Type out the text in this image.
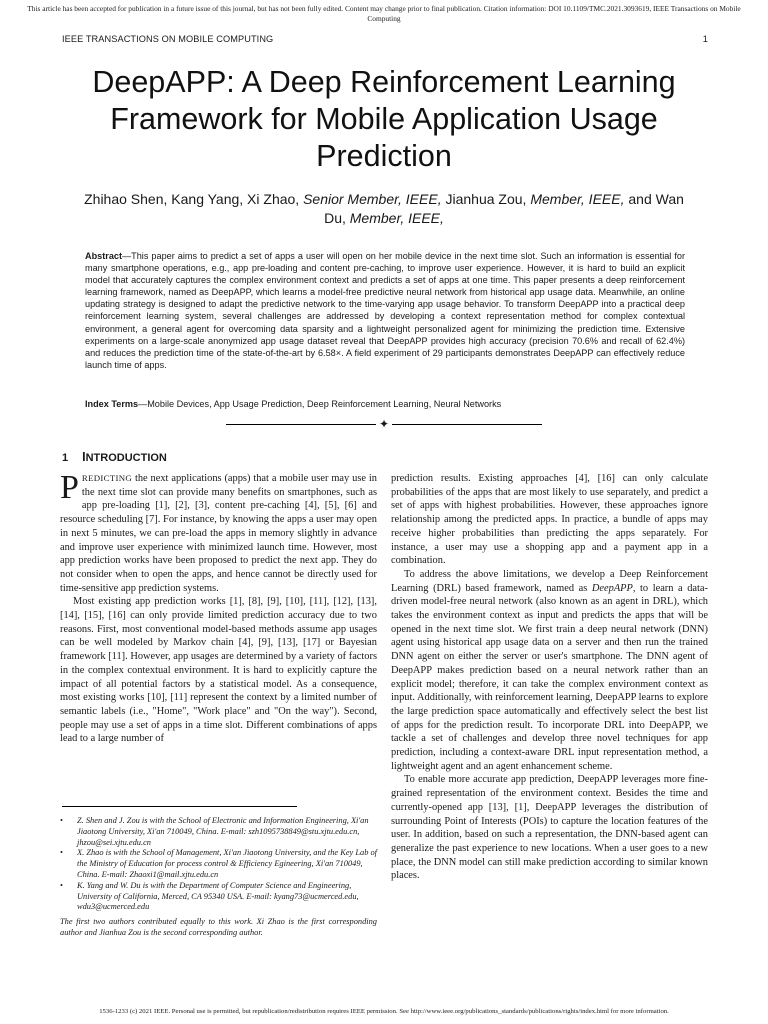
This article has been accepted for publication in a future issue of this journal, but has not been fully edited. Content may change prior to final publication. Citation information: DOI 10.1109/TMC.2021.3093619, IEEE Transactions on Mobile Computing
IEEE TRANSACTIONS ON MOBILE COMPUTING	1
DeepAPP: A Deep Reinforcement Learning Framework for Mobile Application Usage Prediction
Zhihao Shen, Kang Yang, Xi Zhao, Senior Member, IEEE, Jianhua Zou, Member, IEEE, and Wan Du, Member, IEEE,
Abstract—This paper aims to predict a set of apps a user will open on her mobile device in the next time slot. Such an information is essential for many smartphone operations, e.g., app pre-loading and content pre-caching, to improve user experience. However, it is hard to build an explicit model that accurately captures the complex environment context and predicts a set of apps at one time. This paper presents a deep reinforcement learning framework, named as DeepAPP, which learns a model-free predictive neural network from historical app usage data. Meanwhile, an online updating strategy is designed to adapt the predictive network to the time-varying app usage behavior. To transform DeepAPP into a practical deep reinforcement learning system, several challenges are addressed by developing a context representation method for complex contextual environment, a general agent for overcoming data sparsity and a lightweight personalized agent for minimizing the prediction time. Extensive experiments on a large-scale anonymized app usage dataset reveal that DeepAPP provides high accuracy (precision 70.6% and recall of 62.4%) and reduces the prediction time of the state-of-the-art by 6.58×. A field experiment of 29 participants demonstrates DeepAPP can effectively reduce launch time of apps.
Index Terms—Mobile Devices, App Usage Prediction, Deep Reinforcement Learning, Neural Networks
✦
1 INTRODUCTION

PREDICTING the next applications (apps) that a mobile user may use in the next time slot can provide many benefits on smartphones, such as app pre-loading [1], [2], [3], content pre-caching [4], [5], [6] and resource scheduling [7]. For instance, by knowing the apps a user may open in next 5 minutes, we can pre-load the apps in memory slightly in advance and improve user experience with minimized launch time. However, most app prediction works have been proposed to predict the next app. They do not consider when to open the apps, and hence cannot be directly used for time-sensitive app prediction systems.

Most existing app prediction works [1], [8], [9], [10], [11], [12], [13], [14], [15], [16] can only provide limited prediction accuracy due to two reasons. First, most conventional model-based methods assume app usages can be well modeled by Markov chain [4], [9], [13], [17] or Bayesian framework [11]. However, app usages are determined by a variety of factors in the complex contextual environment. It is hard to explicitly capture the impact of all potential factors by a statistical model. As a consequence, most existing works [10], [11] represent the context by a limited number of semantic labels (i.e., "Home", "Work place" and "On the way"). Second, people may use a set of apps in a time slot. Different combinations of apps lead to a large number of

prediction results. Existing approaches [4], [16] can only calculate probabilities of the apps that are most likely to use separately, and predict a set of apps with highest probabilities. However, these approaches ignore relationship among the predicted apps. In practice, a bundle of apps may receive higher probabilities than predicting the apps separately. For instance, a user may use a shopping app and a payment app in a combination.

To address the above limitations, we develop a Deep Reinforcement Learning (DRL) based framework, named as DeepAPP, to learn a data-driven model-free neural network (also known as an agent in DRL), which takes the environment context as input and predicts the apps that will be opened in the next time slot. We first train a deep neural network (DNN) agent using historical app usage data on a server and then run the trained DNN agent on either the server or user's smartphone. The DNN agent of DeepAPP makes prediction based on a neural network rather than an explicit model; therefore, it can take the complex environment context as input. Additionally, with reinforcement learning, DeepAPP learns to explore the large prediction space automatically and effectively select the best list of apps for the prediction result. To incorporate DRL into DeepAPP, we tackle a set of challenges and develop three novel techniques for app prediction, including a context-aware DRL input representation method, a lightweight agent and an agent enhancement scheme.

To enable more accurate app prediction, DeepAPP leverages more fine-grained representation of the environment context. Besides the time and currently-opened app [13], [1], DeepAPP leverages the distribution of surrounding Point of Interests (POIs) to capture the location features of the user. In addition, based on such a representation, the DNN-based agent can generalize the past experience to new locations. When a user goes to a new place, the DNN model can still make prediction according to similar known places.

• Z. Shen and J. Zou is with the School of Electronic and Information Engineering, Xi'an Jiaotong University, Xi'an 710049, China. E-mail: szh1095738849@stu.xjtu.edu.cn, jhzou@sei.xjtu.edu.cn
• X. Zhao is with the School of Management, Xi'an Jiaotong University, and the Key Lab of the Ministry of Education for process control & Efficiency Egineering, Xi'an 710049, China. E-mail: Zhaoxi1@mail.xjtu.edu.cn
• K. Yang and W. Du is with the Department of Computer Science and Engineering, University of California, Merced, CA 95340 USA. E-mail: kyang73@ucmerced.edu, wdu3@ucmerced.edu
The first two authors contributed equally to this work. Xi Zhao is the first corresponding author and Jianhua Zou is the second corresponding author.
1536-1233 (c) 2021 IEEE. Personal use is permitted, but republication/redistribution requires IEEE permission. See http://www.ieee.org/publications_standards/publications/rights/index.html for more information.
